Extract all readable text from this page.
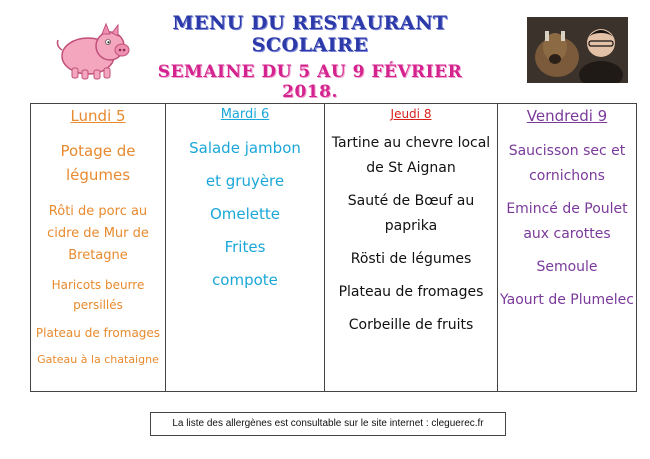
MENU DU RESTAURANT SCOLAIRE
SEMAINE DU 5 AU 9 FÉVRIER 2018.
Lundi 5
Potage de légumes
Rôti de porc au cidre de Mur de Bretagne
Haricots beurre persillés
Plateau de fromages
Gateau à la chataigne
Mardi 6
Salade jambon
et gruyère
Omelette
Frites
compote
Jeudi 8
Tartine au chevre local de St Aignan
Sauté de Bœuf au paprika
Rösti de légumes
Plateau de fromages
Corbeille de fruits
Vendredi 9
Saucisson sec et cornichons
Emincé de Poulet aux carottes
Semoule
Yaourt de Plumelec
La liste des allergènes est consultable sur le site internet : cleguerec.fr
